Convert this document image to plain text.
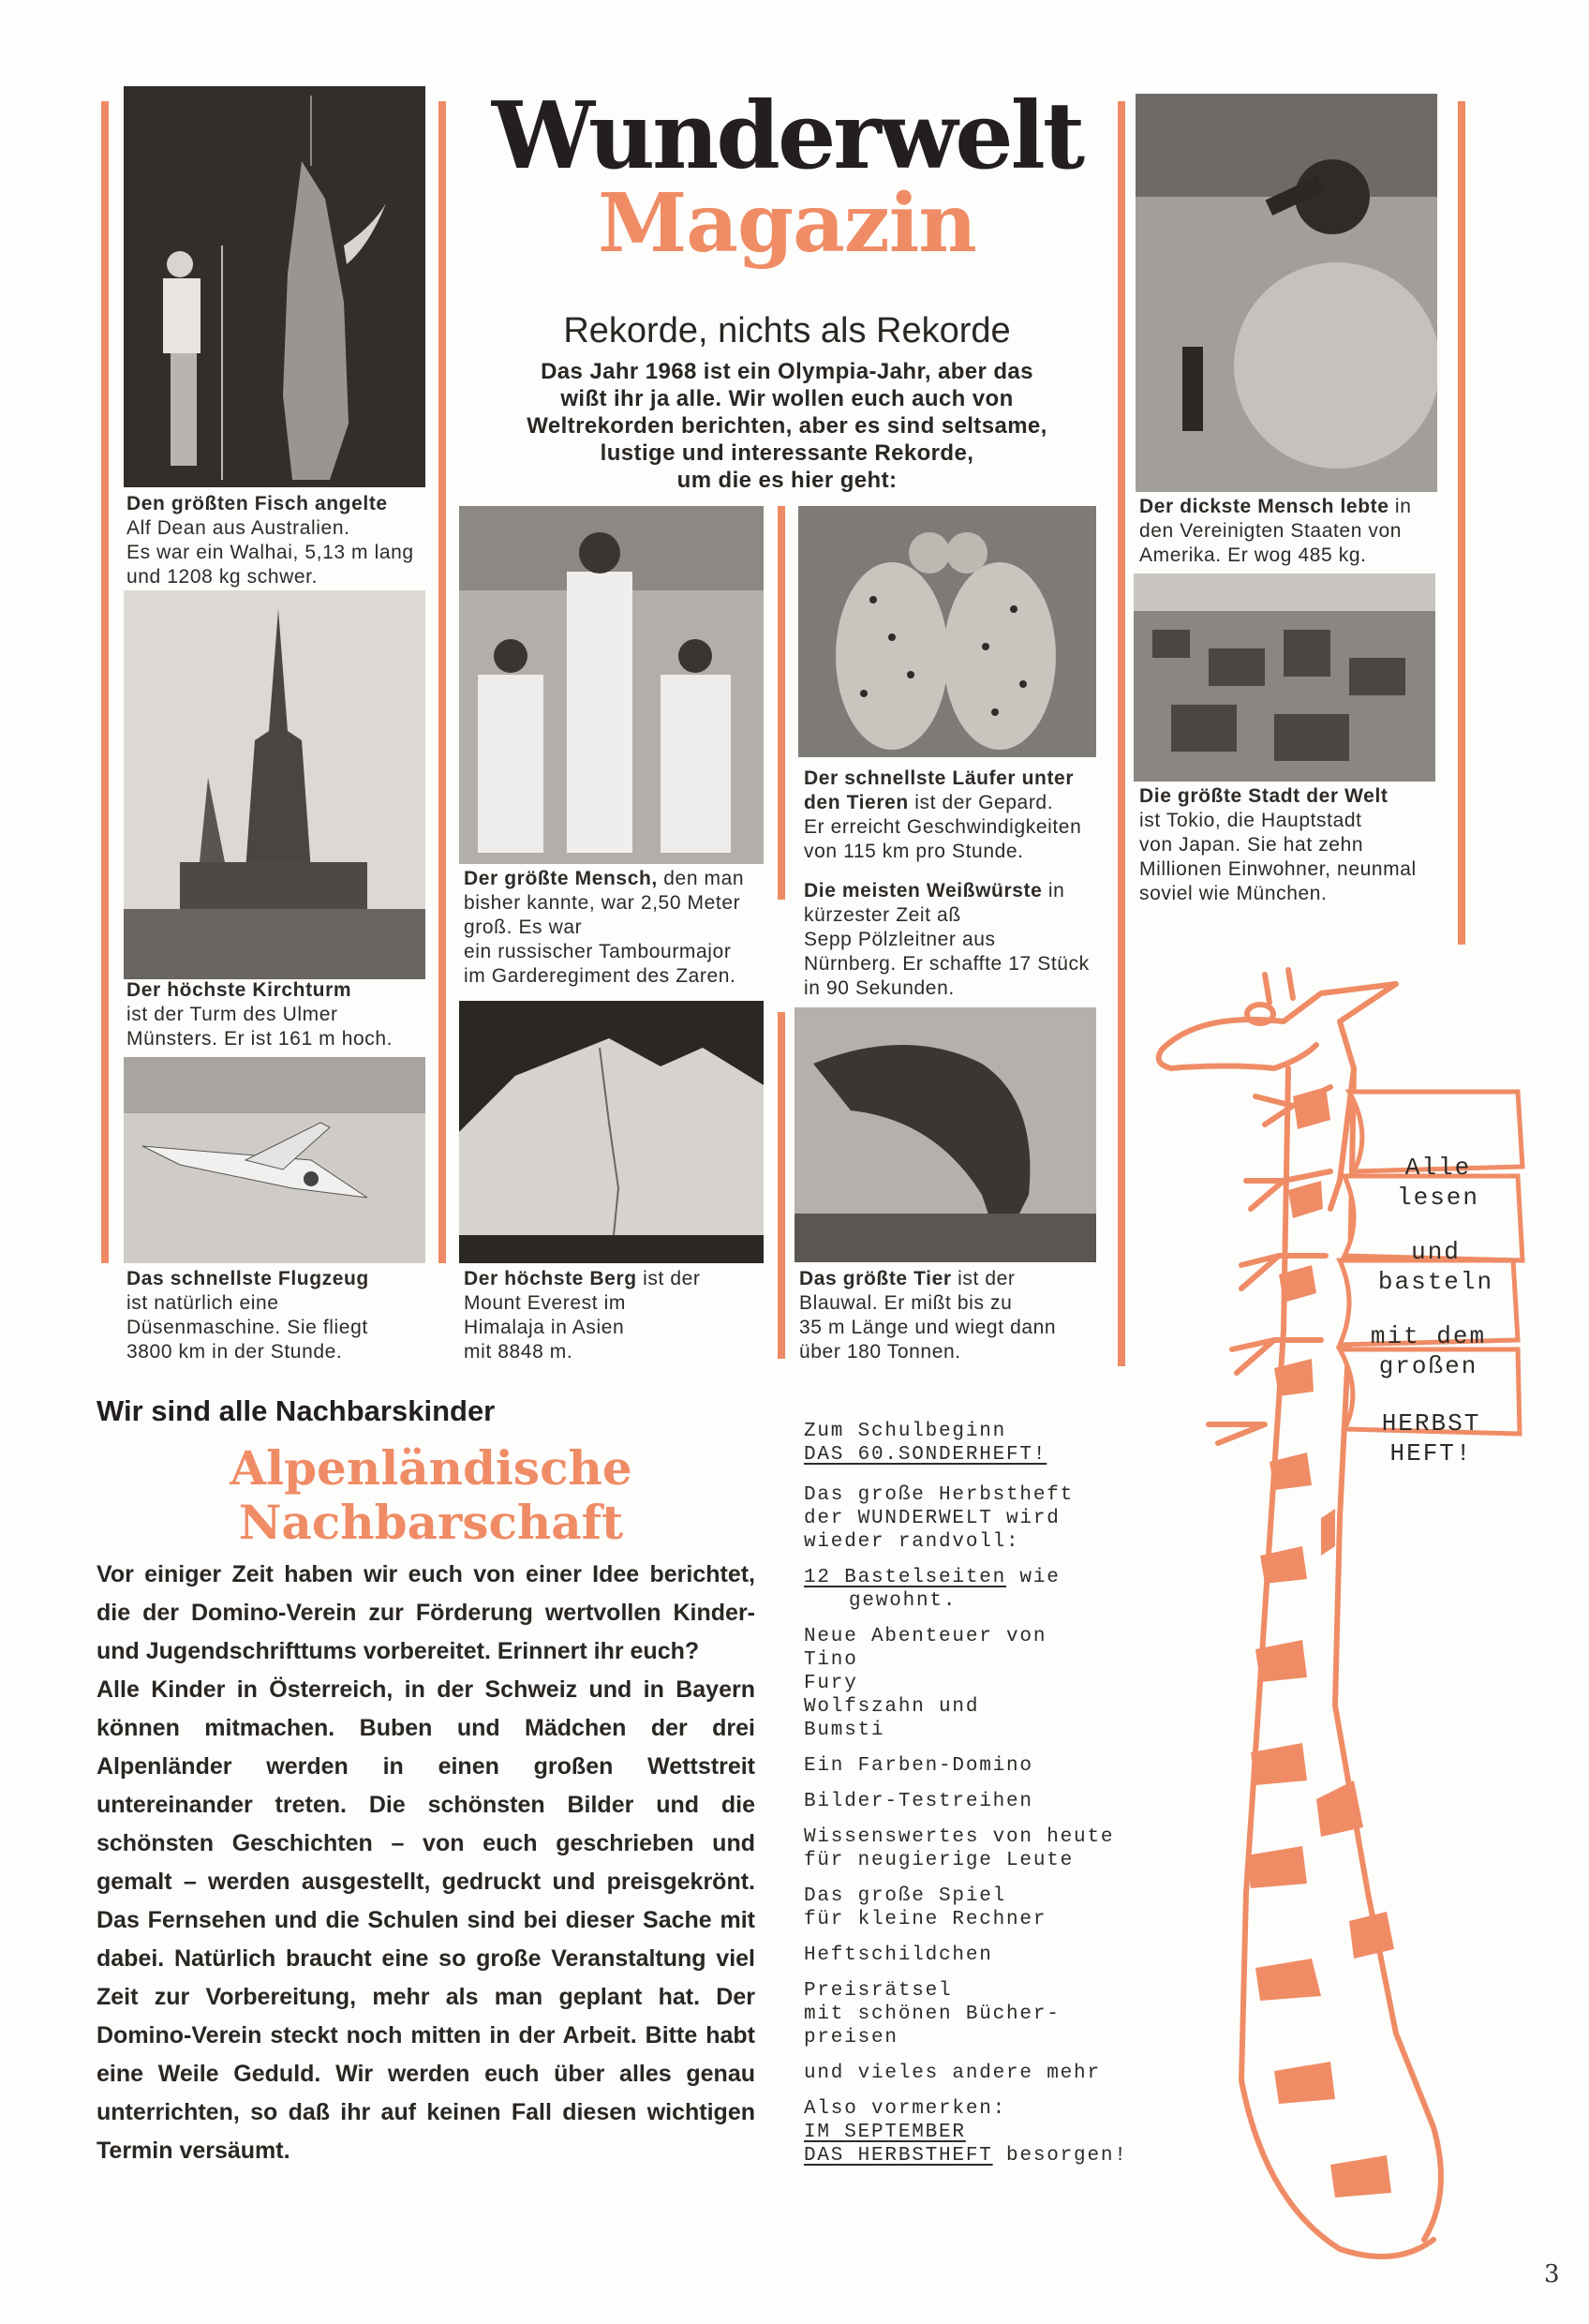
Wunderwelt
Magazin
Rekorde, nichts als Rekorde
Das Jahr 1968 ist ein Olympia-Jahr, aber das
wißt ihr ja alle. Wir wollen euch auch von
Weltrekorden berichten, aber es sind seltsame,
lustige und interessante Rekorde,
um die es hier geht:
Den größten Fisch angelte
Alf Dean aus Australien.
Es war ein Walhai, 5,13 m lang
und 1208 kg schwer.
Der höchste Kirchturm
ist der Turm des Ulmer
Münsters. Er ist 161 m hoch.
Das schnellste Flugzeug
ist natürlich eine
Düsenmaschine. Sie fliegt
3800 km in der Stunde.
Der größte Mensch, den man
bisher kannte, war 2,50 Meter
groß. Es war
ein russischer Tambourmajor
im Garderegiment des Zaren.
Der höchste Berg ist der
Mount Everest im
Himalaja in Asien
mit 8848 m.
Der schnellste Läufer unter
den Tieren ist der Gepard.
Er erreicht Geschwindigkeiten
von 115 km pro Stunde.
Die meisten Weißwürste in
kürzester Zeit aß
Sepp Pölzleitner aus
Nürnberg. Er schaffte 17 Stück
in 90 Sekunden.
Das größte Tier ist der
Blauwal. Er mißt bis zu
35 m Länge und wiegt dann
über 180 Tonnen.
Der dickste Mensch lebte in
den Vereinigten Staaten von
Amerika. Er wog 485 kg.
Die größte Stadt der Welt
ist Tokio, die Hauptstadt
von Japan. Sie hat zehn
Millionen Einwohner, neunmal
soviel wie München.
Wir sind alle Nachbarskinder
Alpenländische
Nachbarschaft

Vor einiger Zeit haben wir euch von einer Idee berichtet, die der Domino-Verein zur Förderung wertvollen Kinder- und Jugendschrifttums vorbereitet. Erinnert ihr euch?

Alle Kinder in Österreich, in der Schweiz und in Bayern können mitmachen. Buben und Mädchen der drei Alpenländer werden in einen großen Wettstreit untereinander treten. Die schönsten Bilder und die schönsten Geschichten – von euch geschrieben und gemalt – werden ausgestellt, gedruckt und preisgekrönt. Das Fernsehen und die Schulen sind bei dieser Sache mit dabei. Natürlich braucht eine so große Veranstaltung viel Zeit zur Vorbereitung, mehr als man geplant hat. Der Domino-Verein steckt noch mitten in der Arbeit. Bitte habt eine Weile Geduld. Wir werden euch über alles genau unterrichten, so daß ihr auf keinen Fall diesen wichtigen Termin versäumt.

Zum Schulbeginn
DAS 60.SONDERHEFT!
Das große Herbstheft
der WUNDERWELT wird
wieder randvoll:
12 Bastelseiten wie
gewohnt.
Neue Abenteuer von
Tino
Fury
Wolfszahn und
Bumsti
Ein Farben-Domino
Bilder-Testreihen
Wissenswertes von heute
für neugierige Leute
Das große Spiel
für kleine Rechner
Heftschildchen
Preisrätsel
mit schönen Bücher-
preisen
und vieles andere mehr
Also vormerken:
IM SEPTEMBER
DAS HERBSTHEFT besorgen!
Alle
lesen
und
basteln
mit dem
großen
HERBST
HEFT!
3
